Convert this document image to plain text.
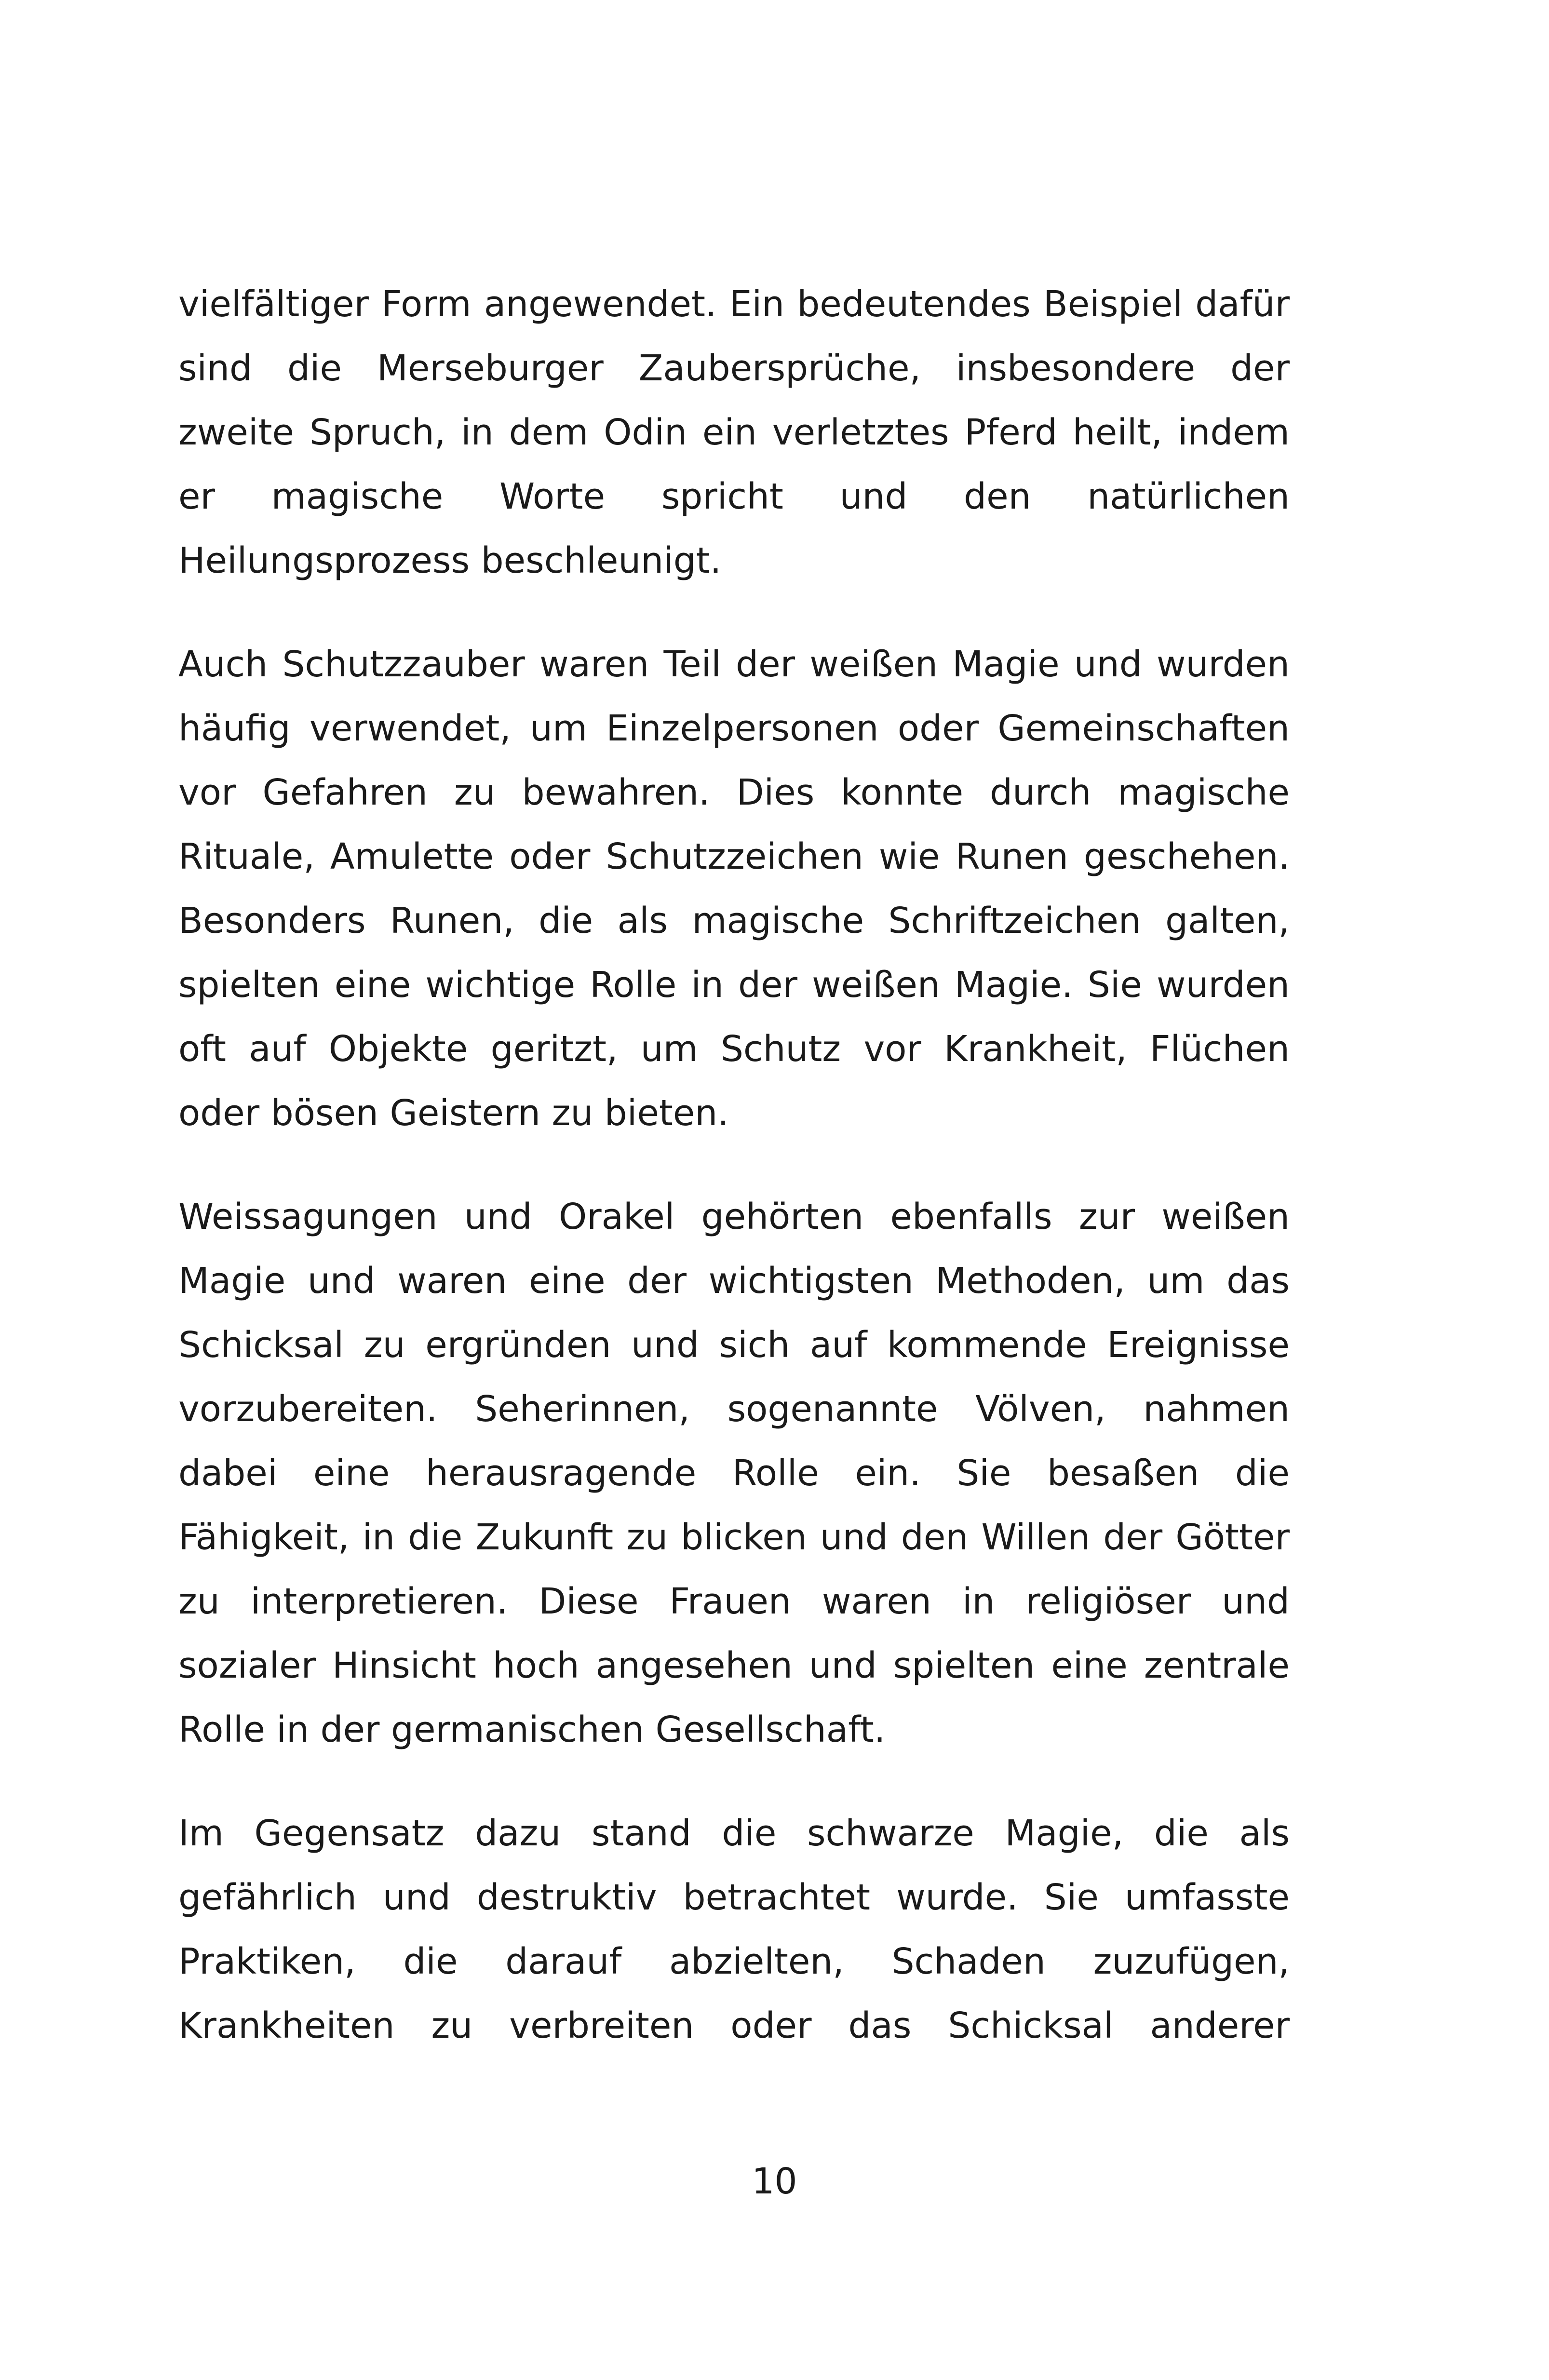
vielfältiger Form angewendet. Ein bedeutendes Beispiel dafür sind die Merseburger Zaubersprüche, insbesondere der zweite Spruch, in dem Odin ein verletztes Pferd heilt, indem er magische Worte spricht und den natürlichen Heilungsprozess beschleunigt.

Auch Schutzzauber waren Teil der weißen Magie und wurden häufig verwendet, um Einzelpersonen oder Gemeinschaften vor Gefahren zu bewahren. Dies konnte durch magische Rituale, Amulette oder Schutzzeichen wie Runen geschehen. Besonders Runen, die als magische Schriftzeichen galten, spielten eine wichtige Rolle in der weißen Magie. Sie wurden oft auf Objekte geritzt, um Schutz vor Krankheit, Flüchen oder bösen Geistern zu bieten.

Weissagungen und Orakel gehörten ebenfalls zur weißen Magie und waren eine der wichtigsten Methoden, um das Schicksal zu ergründen und sich auf kommende Ereignisse vorzubereiten. Seherinnen, sogenannte Völven, nahmen dabei eine herausragende Rolle ein. Sie besaßen die Fähigkeit, in die Zukunft zu blicken und den Willen der Götter zu interpretieren. Diese Frauen waren in religiöser und sozialer Hinsicht hoch angesehen und spielten eine zentrale Rolle in der germanischen Gesellschaft.

Im Gegensatz dazu stand die schwarze Magie, die als gefährlich und destruktiv betrachtet wurde. Sie umfasste Praktiken, die darauf abzielten, Schaden zuzufügen, Krankheiten zu verbreiten oder das Schicksal anderer

10
